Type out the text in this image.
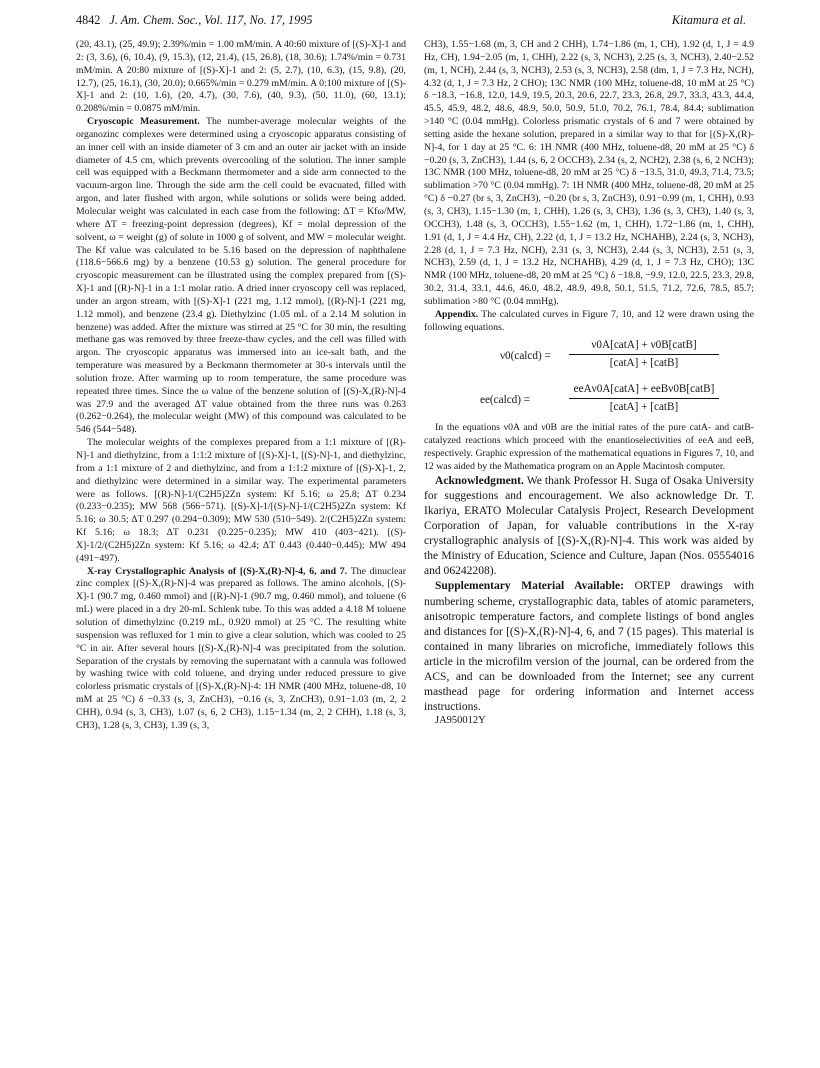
4842 J. Am. Chem. Soc., Vol. 117, No. 17, 1995	Kitamura et al.

(20, 43.1), (25, 49.9); 2.39%/min = 1.00 mM/min. A 40:60 mixture of [(S)-X]-1 and 2: (3, 3.6), (6, 10.4), (9, 15.3), (12, 21.4), (15, 26.8), (18, 30.6); 1.74%/min = 0.731 mM/min. A 20:80 mixture of [(S)-X]-1 and 2: (5, 2.7), (10, 6.3), (15, 9.8), (20, 12.7), (25, 16.1), (30, 20.0); 0.665%/min = 0.279 mM/min. A 0:100 mixture of [(S)-X]-1 and 2: (10, 1.6), (20, 4.7), (30, 7.6), (40, 9.3), (50, 11.0), (60, 13.1); 0.208%/min = 0.0875 mM/min.

Cryoscopic Measurement. The number-average molecular weights of the organozinc complexes were determined using a cryoscopic apparatus consisting of an inner cell with an inside diameter of 3 cm and an outer air jacket with an inside diameter of 4.5 cm, which prevents overcooling of the solution. The inner sample cell was equipped with a Beckmann thermometer and a side arm connected to the vacuum-argon line. Through the side arm the cell could be evacuated, filled with argon, and later flushed with argon, while solutions or solids were being added. Molecular weight was calculated in each case from the following: ΔT = Kfω/MW, where ΔT = freezing-point depression (degrees), Kf = molal depression of the solvent, ω = weight (g) of solute in 1000 g of solvent, and MW = molecular weight. The Kf value was calculated to be 5.16 based on the depression of naphthalene (118.6−566.6 mg) by a benzene (10.53 g) solution. The general procedure for cryoscopic measurement can be illustrated using the complex prepared from [(S)-X]-1 and [(R)-N]-1 in a 1:1 molar ratio. A dried inner cryoscopy cell was replaced, under an argon stream, with [(S)-X]-1 (221 mg, 1.12 mmol), [(R)-N]-1 (221 mg, 1.12 mmol), and benzene (23.4 g). Diethylzinc (1.05 mL of a 2.14 M solution in benzene) was added. After the mixture was stirred at 25 °C for 30 min, the resulting methane gas was removed by three freeze-thaw cycles, and the cell was filled with argon. The cryoscopic apparatus was immersed into an ice-salt bath, and the temperature was measured by a Beckmann thermometer at 30-s intervals until the solution froze. After warming up to room temperature, the same procedure was repeated three times. Since the ω value of the benzene solution of [(S)-X,(R)-N]-4 was 27.9 and the averaged ΔT value obtained from the three runs was 0.263 (0.262−0.264), the molecular weight (MW) of this compound was calculated to be 546 (544−548).

The molecular weights of the complexes prepared from a 1:1 mixture of [(R)-N]-1 and diethylzinc, from a 1:1:2 mixture of [(S)-X]-1, [(S)-N]-1, and diethylzinc, from a 1:1 mixture of 2 and diethylzinc, and from a 1:1:2 mixture of [(S)-X]-1, 2, and diethylzinc were determined in a similar way. The experimental parameters were as follows. [(R)-N]-1/(C2H5)2Zn system: Kf 5.16; ω 25.8; ΔT 0.234 (0.233−0.235); MW 568 (566−571). [(S)-X]-1/[(S)-N]-1/(C2H5)2Zn system: Kf 5.16; ω 30.5; ΔT 0.297 (0.294−0.309); MW 530 (510−549). 2/(C2H5)2Zn system: Kf 5.16; ω 18.3; ΔT 0.231 (0.225−0.235); MW 410 (403−421). [(S)-X]-1/2/(C2H5)2Zn system: Kf 5.16; ω 42.4; ΔT 0.443 (0.440−0.445); MW 494 (491−497).

X-ray Crystallographic Analysis of [(S)-X,(R)-N]-4, 6, and 7. The dinuclear zinc complex [(S)-X,(R)-N]-4 was prepared as follows. The amino alcohols, [(S)-X]-1 (90.7 mg, 0.460 mmol) and [(R)-N]-1 (90.7 mg, 0.460 mmol), and toluene (6 mL) were placed in a dry 20-mL Schlenk tube. To this was added a 4.18 M toluene solution of dimethylzinc (0.219 mL, 0.920 mmol) at 25 °C. The resulting white suspension was refluxed for 1 min to give a clear solution, which was cooled to 25 °C in air. After several hours [(S)-X,(R)-N]-4 was precipitated from the solution. Separation of the crystals by removing the supernatant with a cannula was followed by washing twice with cold toluene, and drying under reduced pressure to give colorless prismatic crystals of [(S)-X,(R)-N]-4: 1H NMR (400 MHz, toluene-d8, 10 mM at 25 °C) δ −0.33 (s, 3, ZnCH3), −0.16 (s, 3, ZnCH3), 0.91−1.03 (m, 2, 2 CHH), 0.94 (s, 3, CH3), 1.07 (s, 6, 2 CH3), 1.15−1.34 (m, 2, 2 CHH), 1.18 (s, 3, CH3), 1.28 (s, 3, CH3), 1.39 (s, 3,

CH3), 1.55−1.68 (m, 3, CH and 2 CHH), 1.74−1.86 (m, 1, CH), 1.92 (d, 1, J = 4.9 Hz, CH), 1.94−2.05 (m, 1, CHH), 2.22 (s, 3, NCH3), 2.25 (s, 3, NCH3), 2.40−2.52 (m, 1, NCH), 2.44 (s, 3, NCH3), 2.53 (s, 3, NCH3), 2.58 (dm, 1, J = 7.3 Hz, NCH), 4.32 (d, 1, J = 7.3 Hz, 2 CHO); 13C NMR (100 MHz, toluene-d8, 10 mM at 25 °C) δ −18.3, −16.8, 12.0, 14.9, 19.5, 20.3, 20.6, 22.7, 23.3, 26.8, 29.7, 33.3, 43.3, 44.4, 45.5, 45.9, 48.2, 48.6, 48.9, 50.0, 50.9, 51.0, 70.2, 76.1, 78.4, 84.4; sublimation >140 °C (0.04 mmHg). Colorless prismatic crystals of 6 and 7 were obtained by setting aside the hexane solution, prepared in a similar way to that for [(S)-X,(R)-N]-4, for 1 day at 25 °C. 6: 1H NMR (400 MHz, toluene-d8, 20 mM at 25 °C) δ −0.20 (s, 3, ZnCH3), 1.44 (s, 6, 2 OCCH3), 2.34 (s, 2, NCH2), 2.38 (s, 6, 2 NCH3); 13C NMR (100 MHz, toluene-d8, 20 mM at 25 °C) δ −13.5, 31.0, 49.3, 71.4, 73.5; sublimation >70 °C (0.04 mmHg). 7: 1H NMR (400 MHz, toluene-d8, 20 mM at 25 °C) δ −0.27 (br s, 3, ZnCH3), −0.20 (br s, 3, ZnCH3), 0.91−0.99 (m, 1, CHH), 0.93 (s, 3, CH3), 1.15−1.30 (m, 1, CHH), 1.26 (s, 3, CH3), 1.36 (s, 3, CH3), 1.40 (s, 3, OCCH3), 1.48 (s, 3, OCCH3), 1.55−1.62 (m, 1, CHH), 1.72−1.86 (m, 1, CHH), 1.91 (d, 1, J = 4.4 Hz, CH), 2.22 (d, 1, J = 13.2 Hz, NCHAHB), 2.24 (s, 3, NCH3), 2.28 (d, 1, J = 7.3 Hz, NCH), 2.31 (s, 3, NCH3), 2.44 (s, 3, NCH3), 2.51 (s, 3, NCH3), 2.59 (d, 1, J = 13.2 Hz, NCHAHB), 4.29 (d, 1, J = 7.3 Hz, CHO); 13C NMR (100 MHz, toluene-d8, 20 mM at 25 °C) δ −18.8, −9.9, 12.0, 22.5, 23.3, 29.8, 30.2, 31.4, 33.1, 44.6, 46.0, 48.2, 48.9, 49.8, 50.1, 51.5, 71.2, 72.6, 78.5, 85.7; sublimation >80 °C (0.04 mmHg).

Appendix. The calculated curves in Figure 7, 10, and 12 were drawn using the following equations.

ν0(calcd) =
ν0A[catA] + ν0B[catB]
[catA] + [catB]
ee(calcd) =
eeAν0A[catA] + eeBν0B[catB]
[catA] + [catB]

In the equations ν0A and ν0B are the initial rates of the pure catA- and catB-catalyzed reactions which proceed with the enantioselectivities of eeA and eeB, respectively. Graphic expression of the mathematical equations in Figures 7, 10, and 12 was aided by the Mathematica program on an Apple Macintosh computer.

Acknowledgment. We thank Professor H. Suga of Osaka University for suggestions and encouragement. We also acknowledge Dr. T. Ikariya, ERATO Molecular Catalysis Project, Research Development Corporation of Japan, for valuable contributions in the X-ray crystallographic analysis of [(S)-X,(R)-N]-4. This work was aided by the Ministry of Education, Science and Culture, Japan (Nos. 05554016 and 06242208).

Supplementary Material Available: ORTEP drawings with numbering scheme, crystallographic data, tables of atomic parameters, anisotropic temperature factors, and complete listings of bond angles and distances for [(S)-X,(R)-N]-4, 6, and 7 (15 pages). This material is contained in many libraries on microfiche, immediately follows this article in the microfilm version of the journal, can be ordered from the ACS, and can be downloaded from the Internet; see any current masthead page for ordering information and Internet access instructions.

JA950012Y
